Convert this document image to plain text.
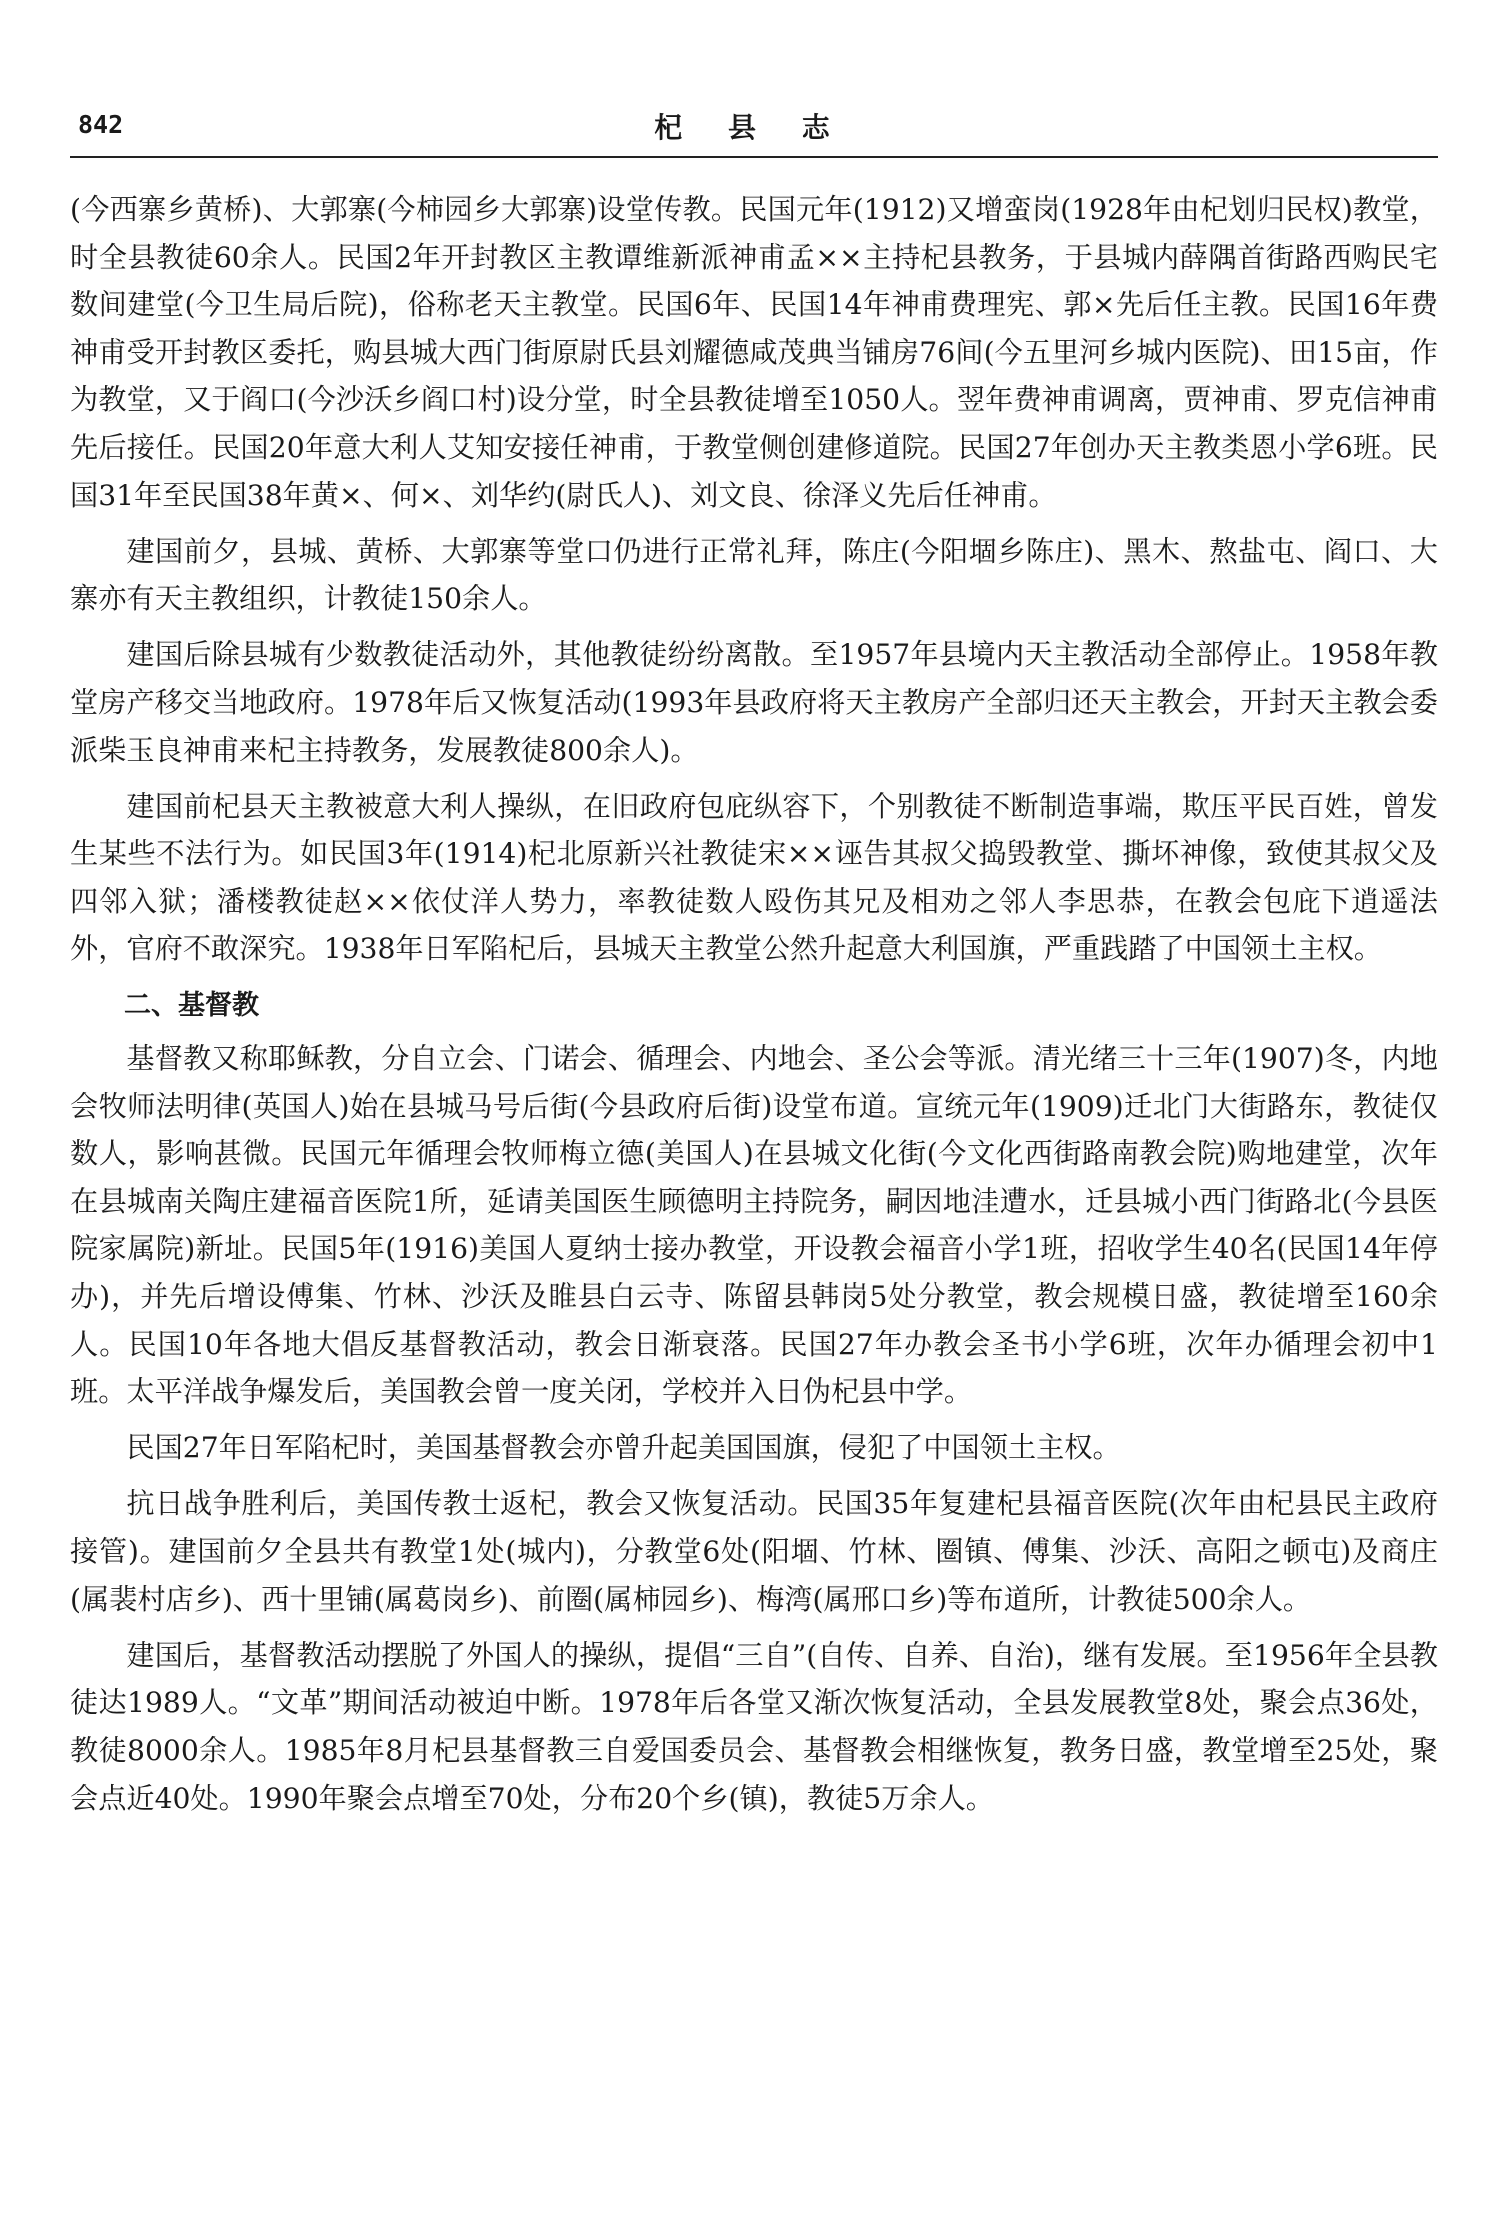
842	杞 县 志

(今西寨乡黄桥)、大郭寨(今柿园乡大郭寨)设堂传教。民国元年(1912)又增蛮岗(1928年由杞划归民权)教堂，时全县教徒60余人。民国2年开封教区主教谭维新派神甫孟××主持杞县教务，于县城内薛隅首街路西购民宅数间建堂(今卫生局后院)，俗称老天主教堂。民国6年、民国14年神甫费理宪、郭×先后任主教。民国16年费神甫受开封教区委托，购县城大西门街原尉氏县刘耀德咸茂典当铺房76间(今五里河乡城内医院)、田15亩，作为教堂，又于阎口(今沙沃乡阎口村)设分堂，时全县教徒增至1050人。翌年费神甫调离，贾神甫、罗克信神甫先后接任。民国20年意大利人艾知安接任神甫，于教堂侧创建修道院。民国27年创办天主教类恩小学6班。民国31年至民国38年黄×、何×、刘华约(尉氏人)、刘文良、徐泽义先后任神甫。

建国前夕，县城、黄桥、大郭寨等堂口仍进行正常礼拜，陈庄(今阳堌乡陈庄)、黑木、熬盐屯、阎口、大寨亦有天主教组织，计教徒150余人。

建国后除县城有少数教徒活动外，其他教徒纷纷离散。至1957年县境内天主教活动全部停止。1958年教堂房产移交当地政府。1978年后又恢复活动(1993年县政府将天主教房产全部归还天主教会，开封天主教会委派柴玉良神甫来杞主持教务，发展教徒800余人)。

建国前杞县天主教被意大利人操纵，在旧政府包庇纵容下，个别教徒不断制造事端，欺压平民百姓，曾发生某些不法行为。如民国3年(1914)杞北原新兴社教徒宋××诬告其叔父捣毁教堂、撕坏神像，致使其叔父及四邻入狱；潘楼教徒赵××依仗洋人势力，率教徒数人殴伤其兄及相劝之邻人李思恭，在教会包庇下逍遥法外，官府不敢深究。1938年日军陷杞后，县城天主教堂公然升起意大利国旗，严重践踏了中国领土主权。

二、基督教

基督教又称耶稣教，分自立会、门诺会、循理会、内地会、圣公会等派。清光绪三十三年(1907)冬，内地会牧师法明律(英国人)始在县城马号后街(今县政府后街)设堂布道。宣统元年(1909)迁北门大街路东，教徒仅数人，影响甚微。民国元年循理会牧师梅立德(美国人)在县城文化街(今文化西街路南教会院)购地建堂，次年在县城南关陶庄建福音医院1所，延请美国医生顾德明主持院务，嗣因地洼遭水，迁县城小西门街路北(今县医院家属院)新址。民国5年(1916)美国人夏纳士接办教堂，开设教会福音小学1班，招收学生40名(民国14年停办)，并先后增设傅集、竹林、沙沃及睢县白云寺、陈留县韩岗5处分教堂，教会规模日盛，教徒增至160余人。民国10年各地大倡反基督教活动，教会日渐衰落。民国27年办教会圣书小学6班，次年办循理会初中1班。太平洋战争爆发后，美国教会曾一度关闭，学校并入日伪杞县中学。

民国27年日军陷杞时，美国基督教会亦曾升起美国国旗，侵犯了中国领土主权。

抗日战争胜利后，美国传教士返杞，教会又恢复活动。民国35年复建杞县福音医院(次年由杞县民主政府接管)。建国前夕全县共有教堂1处(城内)，分教堂6处(阳堌、竹林、圈镇、傅集、沙沃、高阳之顿屯)及商庄(属裴村店乡)、西十里铺(属葛岗乡)、前圈(属柿园乡)、梅湾(属邢口乡)等布道所，计教徒500余人。

建国后，基督教活动摆脱了外国人的操纵，提倡“三自”(自传、自养、自治)，继有发展。至1956年全县教徒达1989人。“文革”期间活动被迫中断。1978年后各堂又渐次恢复活动，全县发展教堂8处，聚会点36处，教徒8000余人。1985年8月杞县基督教三自爱国委员会、基督教会相继恢复，教务日盛，教堂增至25处，聚会点近40处。1990年聚会点增至70处，分布20个乡(镇)，教徒5万余人。
